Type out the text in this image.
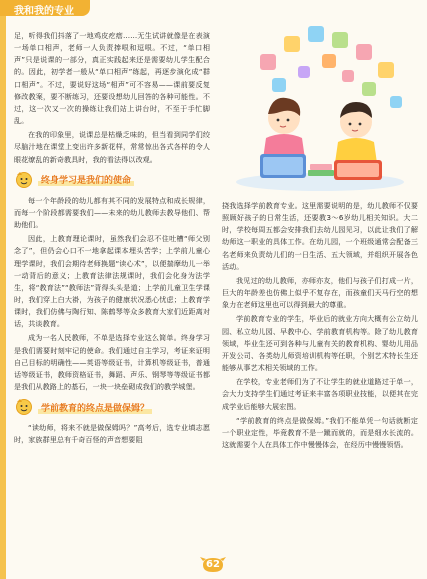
我和我的专业

足，听得我们抖落了一地鸡皮疙瘩……无生试讲就像是在表演一场单口相声，老师一人负责捧哏和逗哏。不过，“单口相声”只是说课的一部分，真正实践起来还是需要幼儿学生配合的。因此，初学者一般从“单口相声”练起，再逐步演化成“群口相声”。不过，要说好这场“相声”可不容易——课前要反复修改教案，要不断练习，还要设想幼儿回答的各种可能性。不过，这一次又一次的操练让我们站上讲台时，不至于手忙脚乱。

在我的印象里，说课总是枯燥乏味的，但当看到同学们绞尽脑汁地在课堂上变出许多新花样，常常惊出各式各样的令人眼花缭乱的新奇教具时，我的看法得以改观。

终身学习是我们的使命

每一个年龄段的幼儿都有其不同的发展特点和成长规律，而每一个阶段都需要我们——未来的幼儿教师去教导他们、帮助他们。

因此，上教育理论课时，虽然我们会忍不住吐槽“师父别念了”，但仍会心口不一地拿起课本埋头苦学；上学前儿童心理学课时，我们会期待老师换题“读心术”，以便揣摩幼儿一举一动背后的意义；上教育法律法规课时，我们会化身为法学生，将“教育法”“教师法”背得头头是道；上学前儿童卫生学课时，我们穿上白大褂，为孩子的健康状况悉心忧虑；上教育学课时，我们仿佛与陶行知、陈鹤琴等众多教育大家们近距离对话，共谈教育。

成为一名人民教师，不单是选择专业这么简单。终身学习是我们需要时刻牢记的使命。我们通过自主学习，考证来证明自己目标的明确性——英语等级证书，计算机等级证书，普通话等级证书，教师资格证书，舞蹈、声乐、钢琴等等级证书都是我们从教路上的基石，一块一块垒砌成我们的教学城堡。

学前教育的终点是做保姆？

“读幼师，将来不就是做保姆吗？”高考后，选专业填志愿时，家族群里总有千奇百怪的声音想要阻

挠我选择学前教育专业。这里需要说明的是，幼儿教师不仅要照顾好孩子的日常生活，还要教3～6岁幼儿相关知识。大二时，学校每周五都会安排我们去幼儿园见习，以此让我们了解幼师这一职业的具体工作。在幼儿园，一个班级通常会配备三名老师来负责幼儿们的一日生活、五大领域，并组织开展各色活动。

我见过的幼儿教师，亦师亦友，他们与孩子们打成一片，巨大的年龄差也仿佛上似乎不复存在，而孩童们天马行空的想象力在老师这里也可以得到最大的尊重。

学前教育专业的学生，毕业后的就业方向大概有公立幼儿园、私立幼儿园、早教中心、学前教育机构等。除了幼儿教育领域，毕业生还可到各种与儿童有关的教育机构、婴幼儿用品开发公司、各类幼儿师资培训机构等任职，个别艺术特长生还能够从事艺术相关领域的工作。

在学校，专业老师们为了不让学生的就业道路过于单一，会大力支持学生们通过考证来丰富各项职业技能，以便其在完成学业后能够大展宏图。

“学前教育的终点是做保姆。”我们不能单凭一句话就断定一个职业定性，毕竟教育不是一蹴而就的，而是细水长流的。这就需要个人在具体工作中慢慢体会，在经历中慢慢领悟。

62
